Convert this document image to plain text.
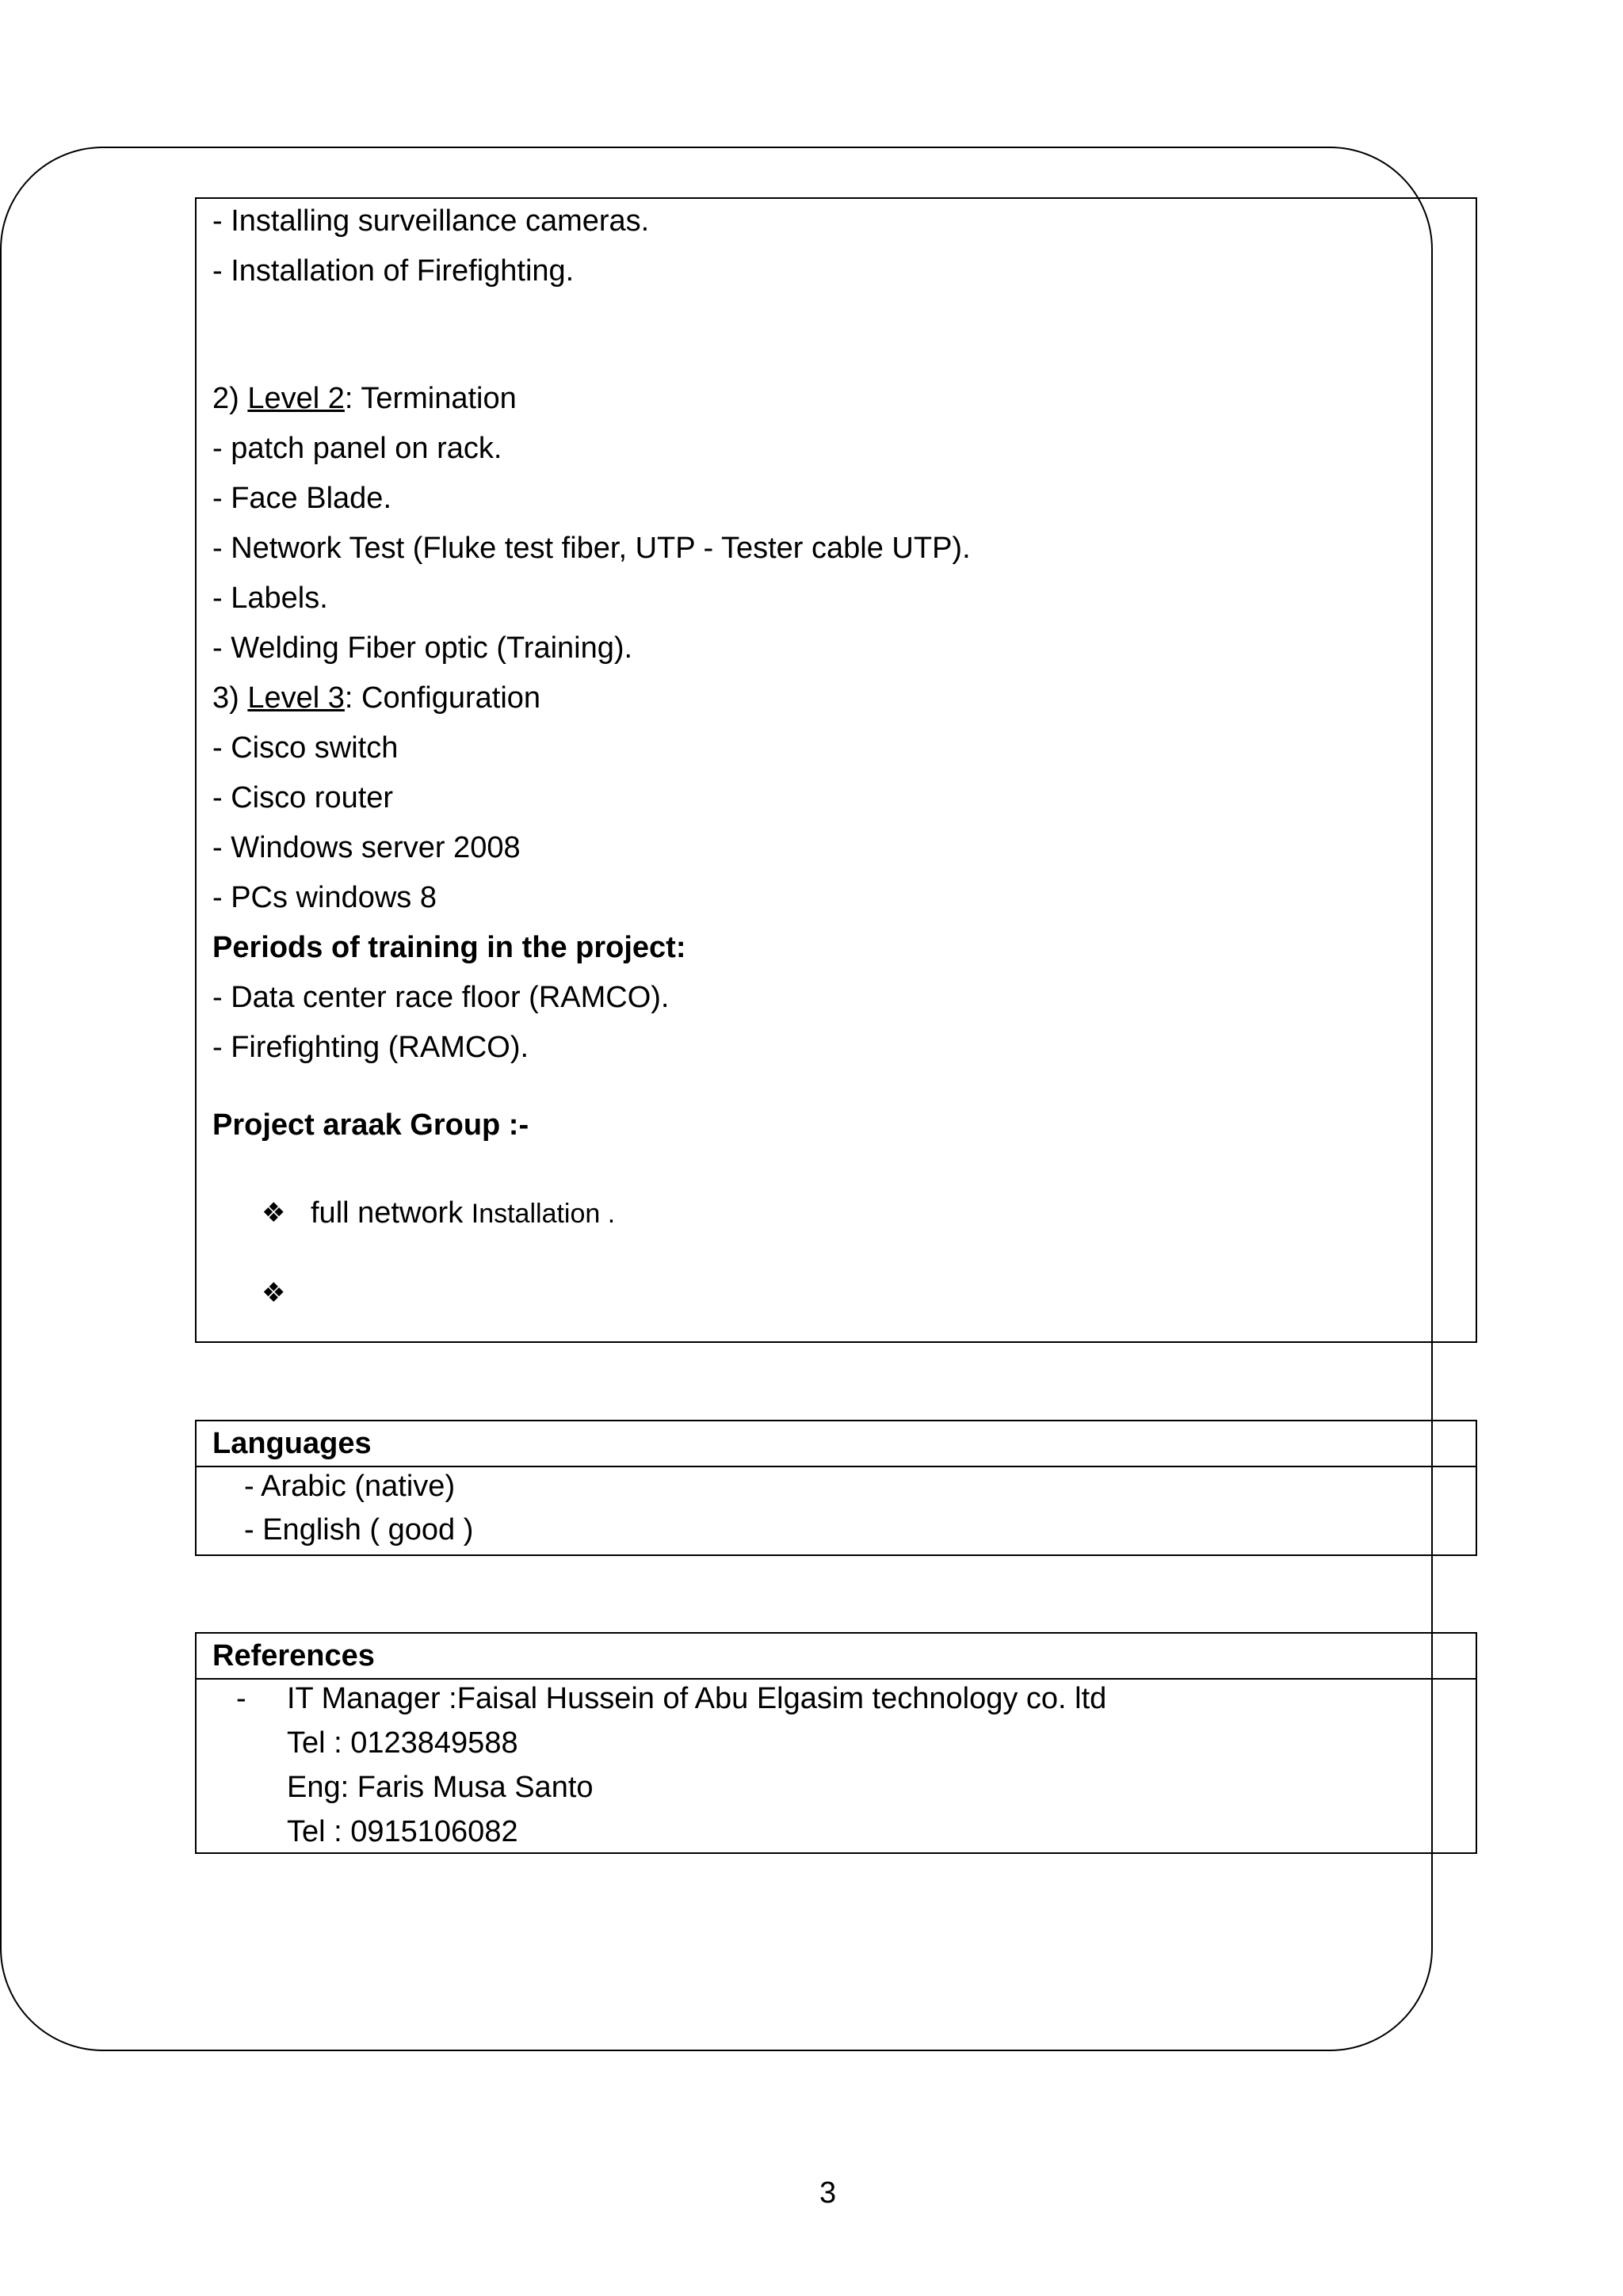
- Installing surveillance cameras.
- Installation of Firefighting.
2) Level 2: Termination
- patch panel on rack.
- Face Blade.
- Network Test (Fluke test fiber, UTP - Tester cable UTP).
- Labels.
- Welding Fiber optic (Training).
3) Level 3: Configuration
- Cisco switch
- Cisco router
- Windows server 2008
- PCs windows 8
Periods of training in the project:
- Data center race floor (RAMCO).
- Firefighting (RAMCO).
Project araak Group :-
❖ full network Installation .
❖
Languages
- Arabic (native)
- English ( good )
References
- IT Manager :Faisal Hussein of Abu Elgasim technology co. ltd
Tel : 0123849588
Eng: Faris Musa Santo
Tel : 0915106082
3
